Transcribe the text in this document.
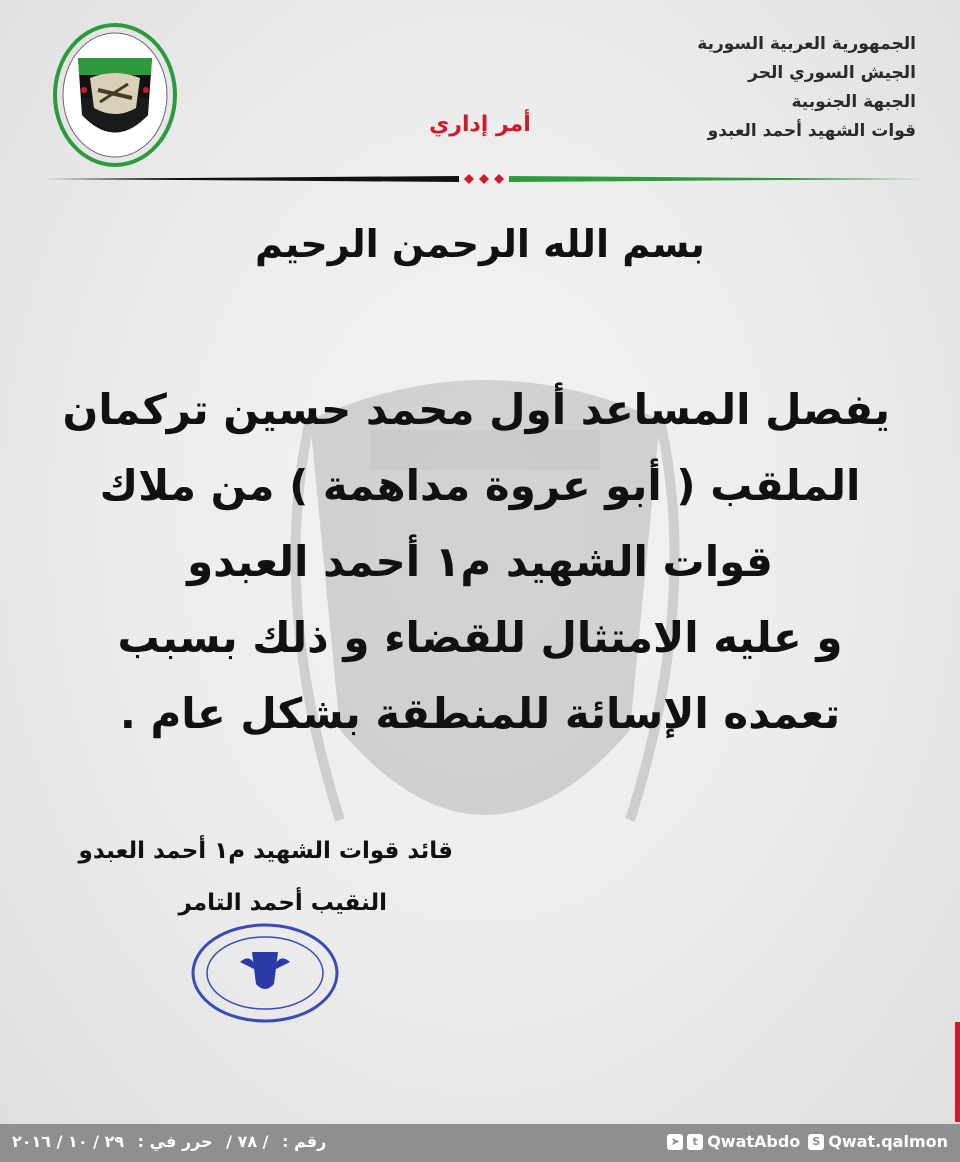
الجمهورية العربية السورية
الجيش السوري الحر
الجبهة الجنوبية
قوات الشهيد أحمد العبدو
أمر إداري
بسم الله الرحمن الرحيم
يفصل المساعد أول محمد حسين تركمان
الملقب ( أبو عروة مداهمة ) من ملاك
قوات الشهيد م١ أحمد العبدو
و عليه الامتثال للقضاء و ذلك بسبب
تعمده الإسائة للمنطقة بشكل عام .
قائد قوات الشهيد م١ أحمد العبدو
النقيب أحمد التامر
رقم : / ٧٨ / حرر في : ٢٩ / ١٠ / ٢٠١٦	➤	t QwatAbdo	S Qwat.qalmon
